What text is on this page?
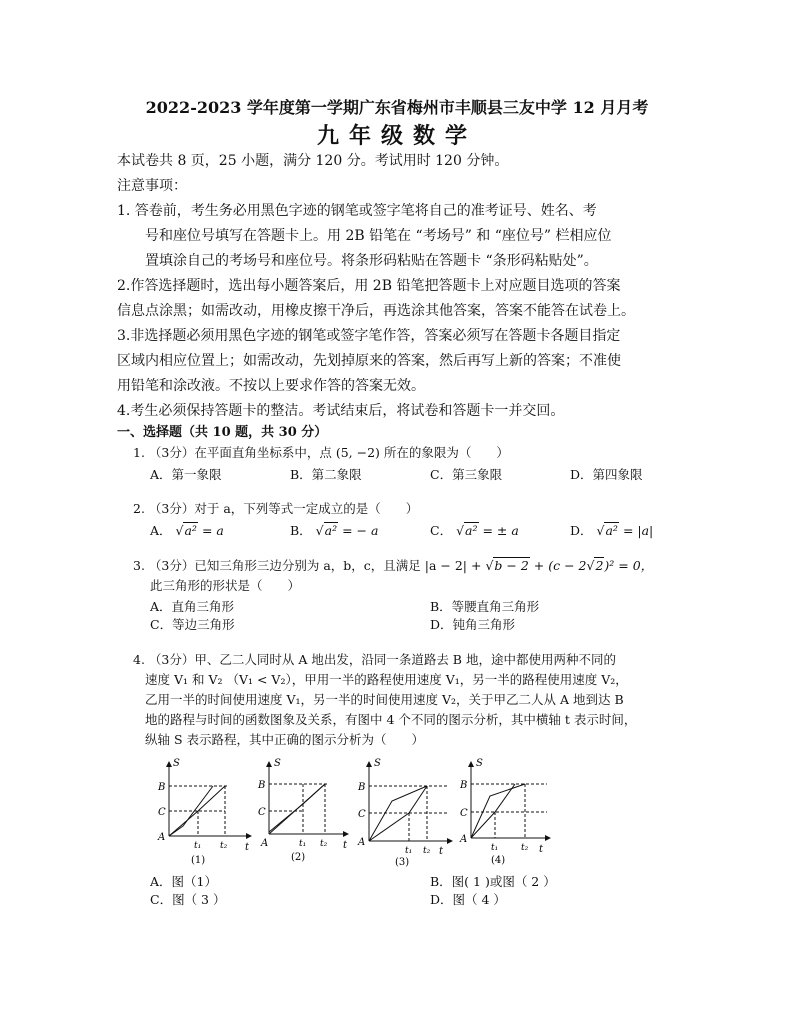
2022-2023 学年度第一学期广东省梅州市丰顺县三友中学 12 月月考
九年级数学
本试卷共 8 页，25 小题，满分 120 分。考试用时 120 分钟。
注意事项：
1. 答卷前，考生务必用黑色字迹的钢笔或签字笔将自己的准考证号、姓名、考
号和座位号填写在答题卡上。用 2B 铅笔在 “考场号” 和 “座位号” 栏相应位
置填涂自己的考场号和座位号。将条形码粘贴在答题卡 “条形码粘贴处”。
2.作答选择题时，选出每小题答案后，用 2B 铅笔把答题卡上对应题目选项的答案
信息点涂黑；如需改动，用橡皮擦干净后，再选涂其他答案，答案不能答在试卷上。
3.非选择题必须用黑色字迹的钢笔或签字笔作答，答案必须写在答题卡各题目指定
区域内相应位置上；如需改动，先划掉原来的答案，然后再写上新的答案；不准使
用铅笔和涂改液。不按以上要求作答的答案无效。
4.考生必须保持答题卡的整洁。考试结束后，将试卷和答题卡一并交回。
一、选择题（共 10 题，共 30 分）
1. （3分）在平面直角坐标系中，点 (5, −2) 所在的象限为（　　）
A．第一象限	B．第二象限	C．第三象限	D．第四象限
2. （3分）对于 a，下列等式一定成立的是（　　）
A． √a² = a	B． √a² = − a	C． √a² = ± a	D． √a² = |a|
3. （3分）已知三角形三边分别为 a，b，c，且满足 |a − 2| + √b − 2 + (c − 2√2)² = 0，
此三角形的形状是（　　）
A．直角三角形	B．等腰直角三角形
C．等边三角形	D．钝角三角形
4. （3分）甲、乙二人同时从 A 地出发，沿同一条道路去 B 地，途中都使用两种不同的
速度 V₁ 和 V₂ （V₁ < V₂），甲用一半的路程使用速度 V₁，另一半的路程使用速度 V₂，
乙用一半的时间使用速度 V₁，另一半的时间使用速度 V₂，关于甲乙二人从 A 地到达 B
地的路程与时间的函数图象及关系，有图中 4 个不同的图示分析，其中横轴 t 表示时间，
纵轴 S 表示路程，其中正确的图示分析为（　　）
S
B
C
A
t
t₁ t₂
(1)
S
B
C
A	t
t₁ t₂
(2)
S
B
C
A
t
t₁ t₂
(3)
S
B
C
A
t
t₁	t₂
(4)
A．图（1）	B．图( 1 )或图（ 2 ）
C．图（ 3 ）	D．图（ 4 ）
